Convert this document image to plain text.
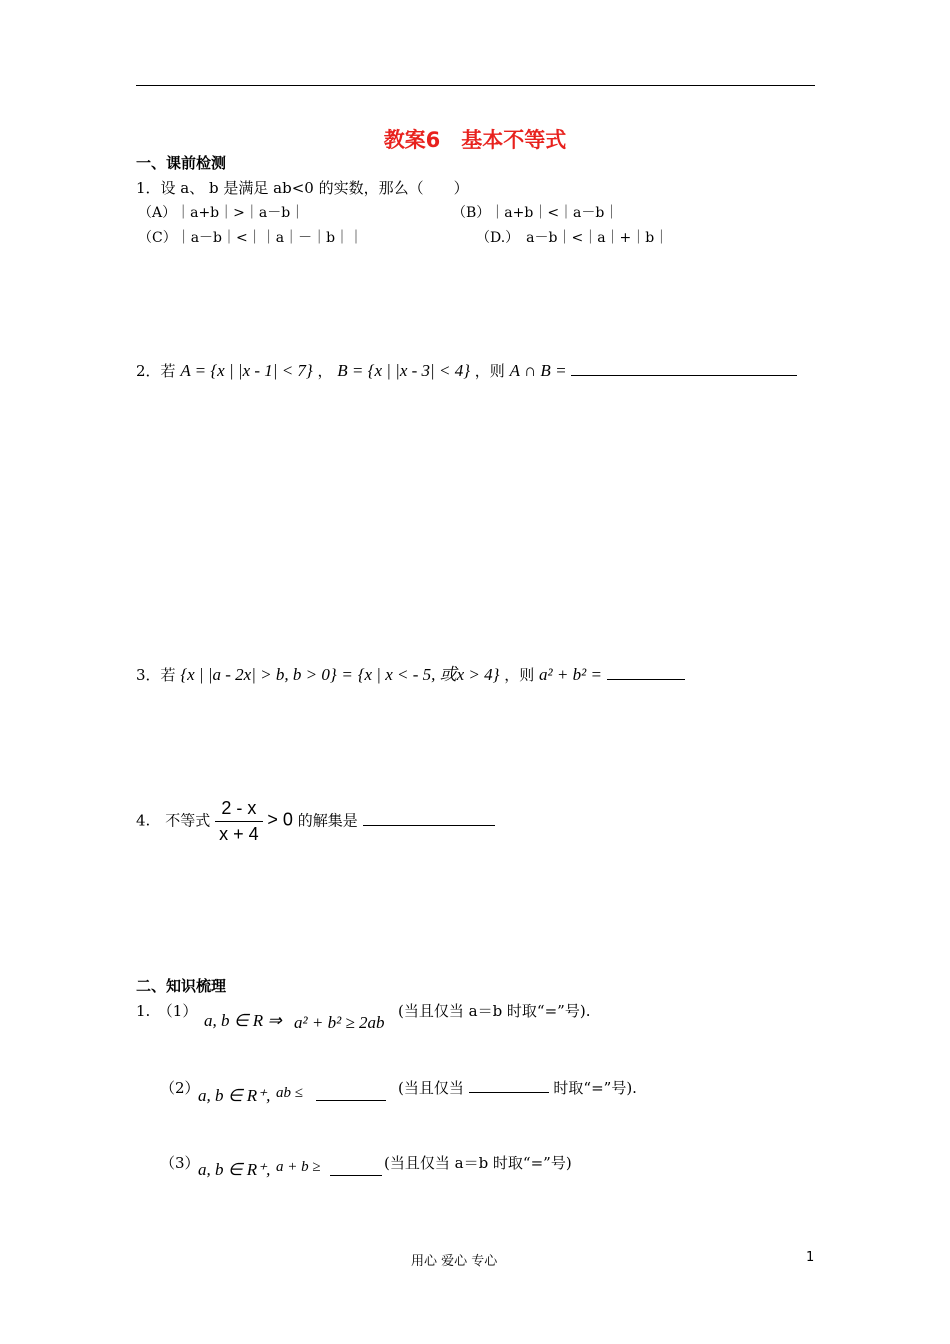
教案6　基本不等式
一、课前检测
1．设 a、 b 是满足 ab<0 的实数，那么（　　）
（A）｜a+b｜>｜a－b｜	（B）｜a+b｜<｜a－b｜
（C）｜a－b｜<｜｜a｜－｜b｜｜	（D.）　a－b｜<｜a｜+｜b｜
2．若 A = {x | |x - 1| < 7} ， B = {x | |x - 3| < 4} ，则 A ∩ B =
3．若 {x | |a - 2x| > b, b > 0} = {x | x < - 5, 或x > 4} ，则 a² + b² =
4.　不等式 $\frac{2 - x}{x + 4} > 0$ 的解集是
二、知识梳理
1.　（1） a, b ∈ R ⇒ a² + b² ≥ 2ab
(当且仅当 a＝b 时取“=”号).
（2）
a, b ∈ R⁺, ab ≤	(当且仅当	时取“=”号).
（3）
a, b ∈ R⁺, a + b ≥	(当且仅当 a＝b 时取“=”号)
用心 爱心 专心	1
